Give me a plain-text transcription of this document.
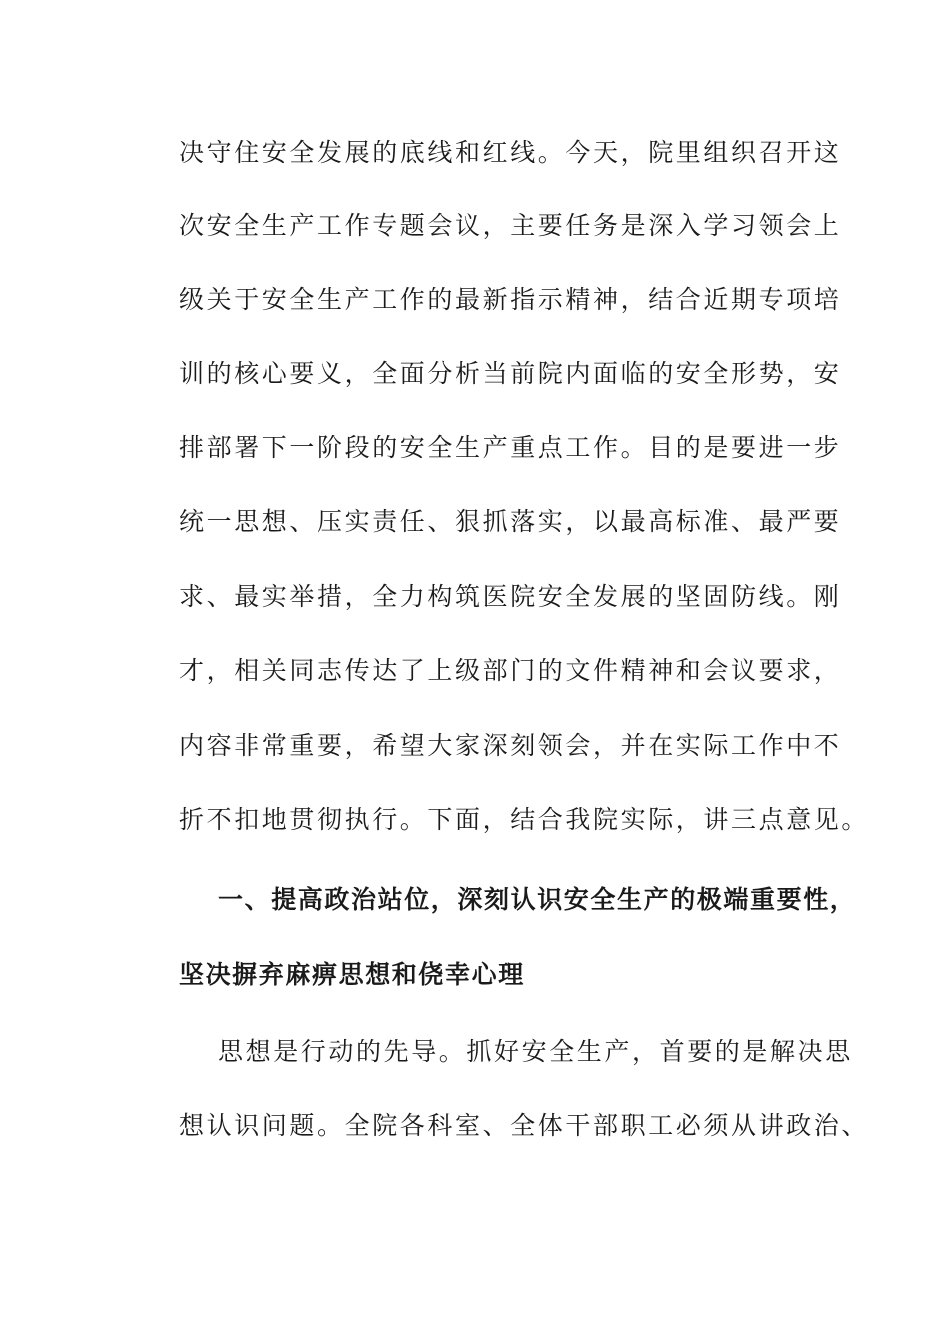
决守住安全发展的底线和红线。今天，院里组织召开这
次安全生产工作专题会议，主要任务是深入学习领会上
级关于安全生产工作的最新指示精神，结合近期专项培
训的核心要义，全面分析当前院内面临的安全形势，安
排部署下一阶段的安全生产重点工作。目的是要进一步
统一思想、压实责任、狠抓落实，以最高标准、最严要
求、最实举措，全力构筑医院安全发展的坚固防线。刚
才，相关同志传达了上级部门的文件精神和会议要求，
内容非常重要，希望大家深刻领会，并在实际工作中不
折不扣地贯彻执行。下面，结合我院实际，讲三点意见。
一、提高政治站位，深刻认识安全生产的极端重要性，
坚决摒弃麻痹思想和侥幸心理
思想是行动的先导。抓好安全生产，首要的是解决思
想认识问题。全院各科室、全体干部职工必须从讲政治、
